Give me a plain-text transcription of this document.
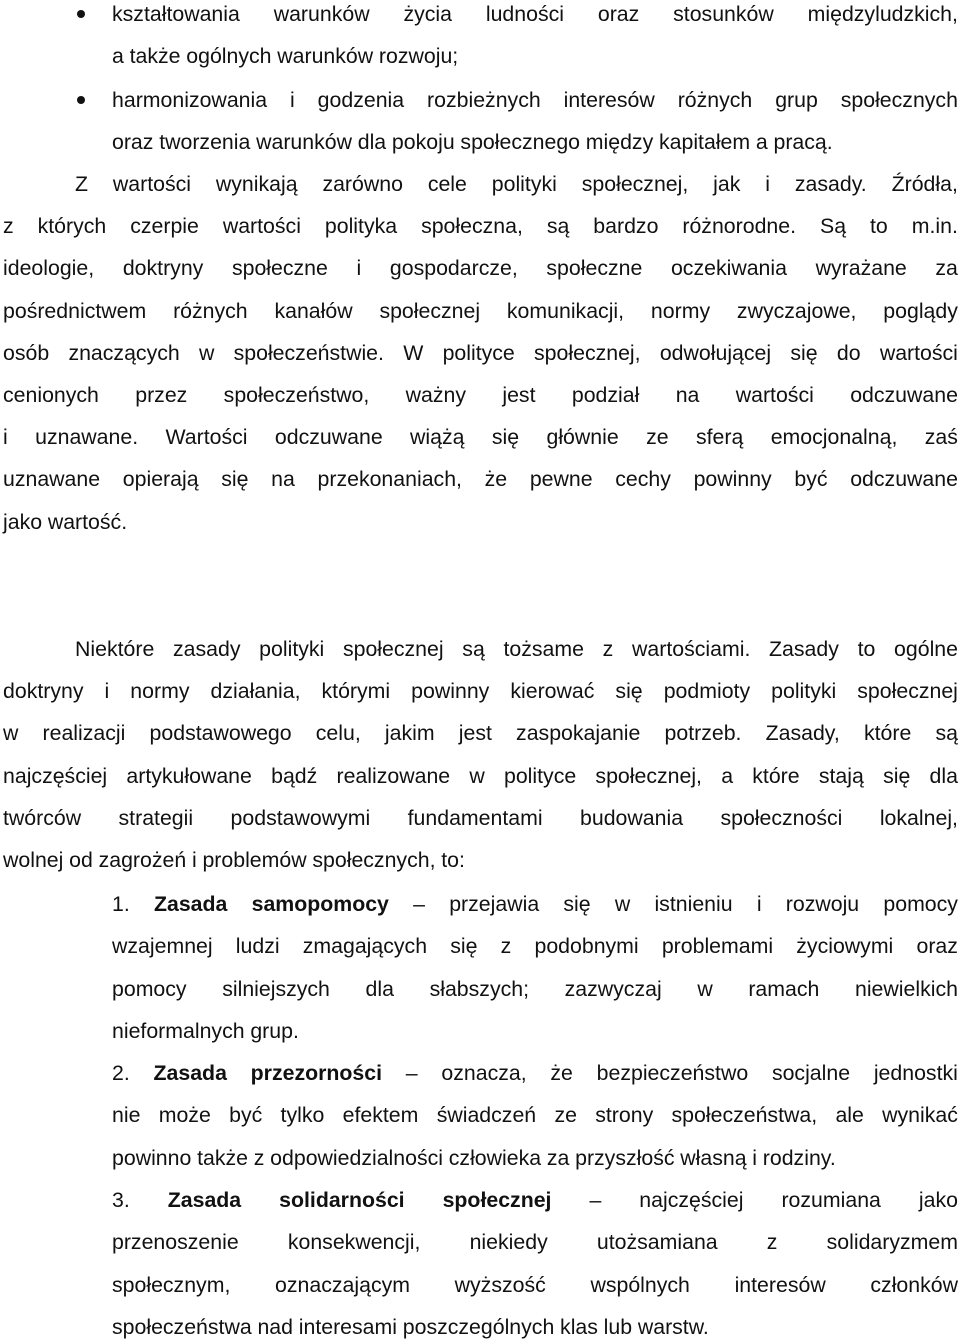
kształtowania warunków życia ludności oraz stosunków międzyludzkich,
a także ogólnych warunków rozwoju;
harmonizowania i godzenia rozbieżnych interesów różnych grup społecznych
oraz tworzenia warunków dla pokoju społecznego między kapitałem a pracą.
Z wartości wynikają zarówno cele polityki społecznej, jak i zasady. Źródła,
z których czerpie wartości polityka społeczna, są bardzo różnorodne. Są to m.in.
ideologie, doktryny społeczne i gospodarcze, społeczne oczekiwania wyrażane za
pośrednictwem różnych kanałów społecznej komunikacji, normy zwyczajowe, poglądy
osób znaczących w społeczeństwie. W polityce społecznej, odwołującej się do wartości
cenionych przez społeczeństwo, ważny jest podział na wartości odczuwane
i uznawane. Wartości odczuwane wiążą się głównie ze sferą emocjonalną, zaś
uznawane opierają się na przekonaniach, że pewne cechy powinny być odczuwane
jako wartość.
Niektóre zasady polityki społecznej są tożsame z wartościami. Zasady to ogólne
doktryny i normy działania, którymi powinny kierować się podmioty polityki społecznej
w realizacji podstawowego celu, jakim jest zaspokajanie potrzeb. Zasady, które są
najczęściej artykułowane bądź realizowane w polityce społecznej, a które stają się dla
twórców strategii podstawowymi fundamentami budowania społeczności lokalnej,
wolnej od zagrożeń i problemów społecznych, to:
1. Zasada samopomocy – przejawia się w istnieniu i rozwoju pomocy
wzajemnej ludzi zmagających się z podobnymi problemami życiowymi oraz
pomocy silniejszych dla słabszych; zazwyczaj w ramach niewielkich
nieformalnych grup.
2. Zasada przezorności – oznacza, że bezpieczeństwo socjalne jednostki
nie może być tylko efektem świadczeń ze strony społeczeństwa, ale wynikać
powinno także z odpowiedzialności człowieka za przyszłość własną i rodziny.
3. Zasada solidarności społecznej – najczęściej rozumiana jako
przenoszenie konsekwencji, niekiedy utożsamiana z solidaryzmem
społecznym, oznaczającym wyższość wspólnych interesów członków
społeczeństwa nad interesami poszczególnych klas lub warstw.
